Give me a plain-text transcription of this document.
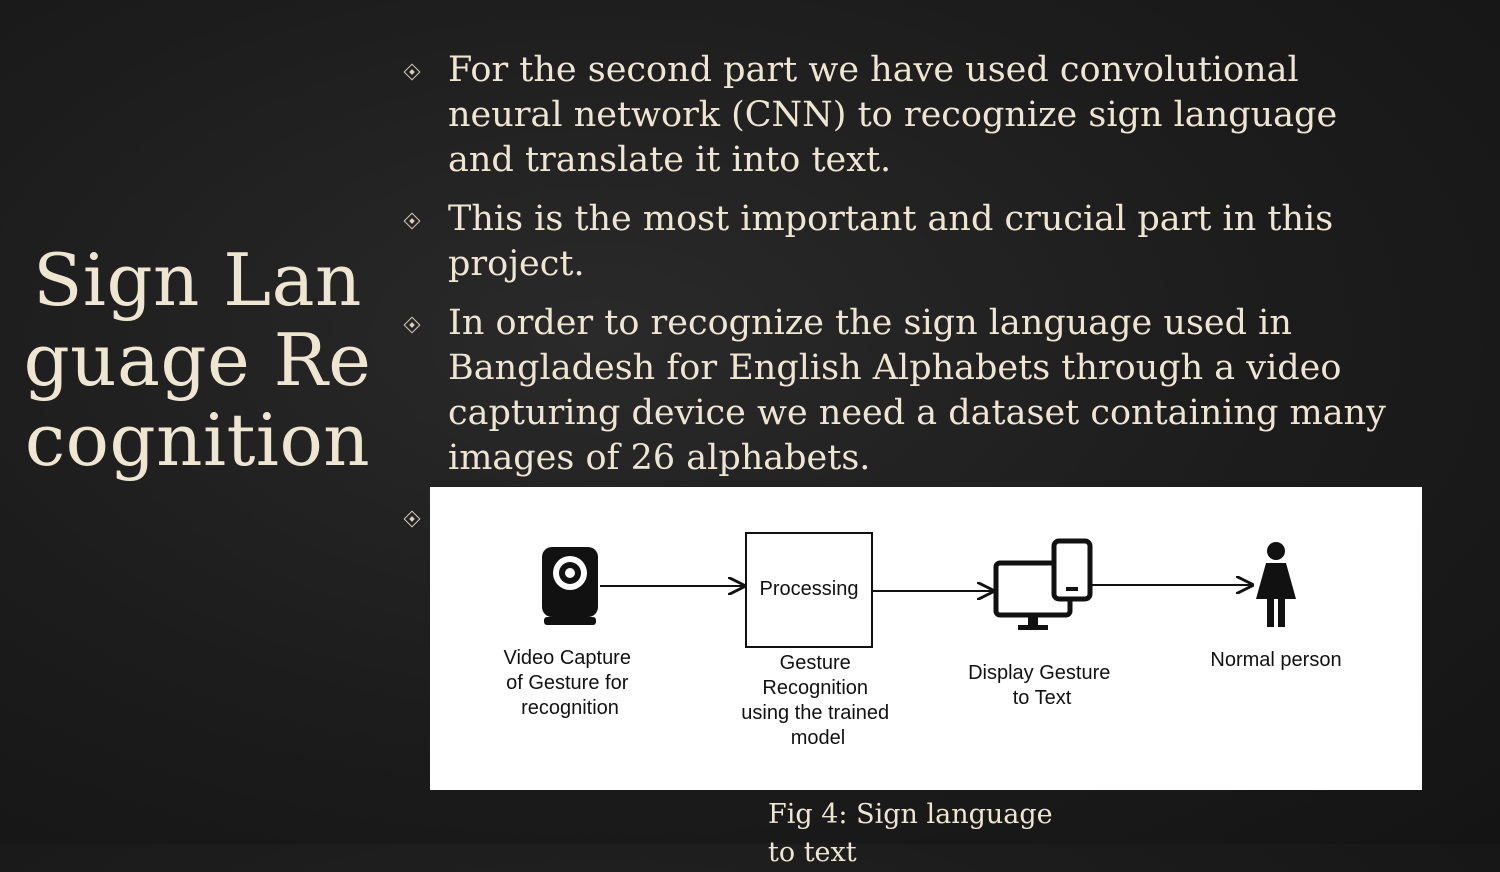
Sign Language Recognition
For the second part we have used convolutional neural network (CNN) to recognize sign language and translate it into text.
This is the most important and crucial part in this project.
In order to recognize the sign language used in Bangladesh for English Alphabets through a video capturing device we need a dataset containing many images of 26 alphabets.
Processing
Video Capture of Gesture for recognition
Gesture Recognition using the trained model
Display Gesture to Text
Normal person
Fig 4: Sign language to text
